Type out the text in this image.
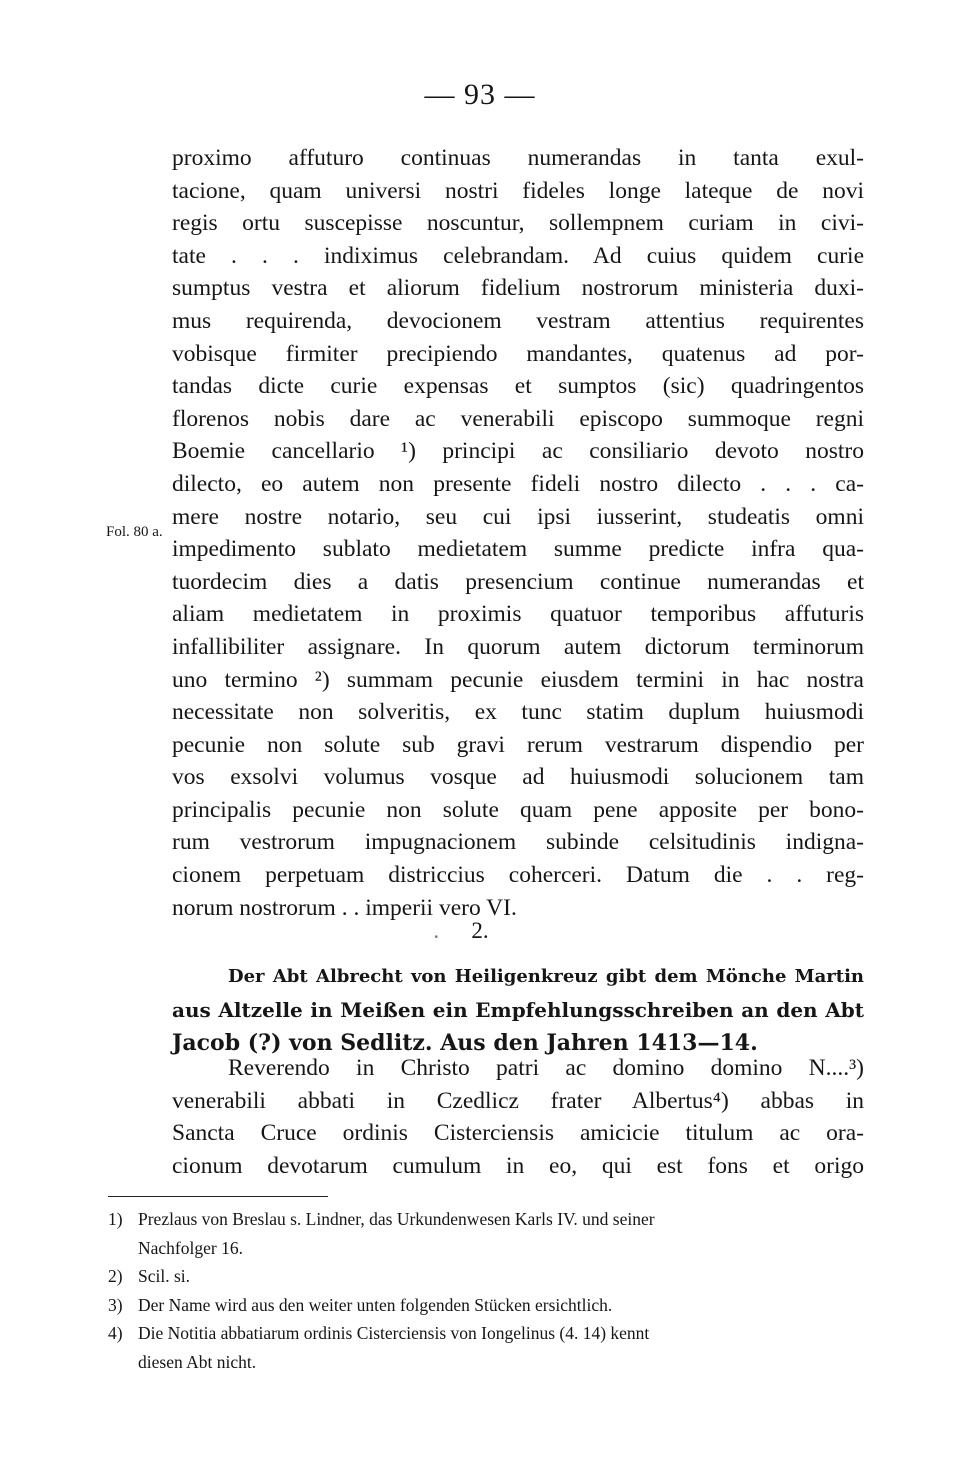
— 93 —
proximo affuturo continuas numerandas in tanta exul-
tacione, quam universi nostri fideles longe lateque de novi
regis ortu suscepisse noscuntur, sollempnem curiam in civi-
tate . . . indiximus celebrandam. Ad cuius quidem curie
sumptus vestra et aliorum fidelium nostrorum ministeria duxi-
mus requirenda, devocionem vestram attentius requirentes
vobisque firmiter precipiendo mandantes, quatenus ad por-
tandas dicte curie expensas et sumptos (sic) quadringentos
florenos nobis dare ac venerabili episcopo summoque regni
Boemie cancellario ¹) principi ac consiliario devoto nostro
dilecto, eo autem non presente fideli nostro dilecto . . . ca-
mere nostre notario, seu cui ipsi iusserint, studeatis omni
impedimento sublato medietatem summe predicte infra qua-
tuordecim dies a datis presencium continue numerandas et
aliam medietatem in proximis quatuor temporibus affuturis
infallibiliter assignare. In quorum autem dictorum terminorum
uno termino ²) summam pecunie eiusdem termini in hac nostra
necessitate non solveritis, ex tunc statim duplum huiusmodi
pecunie non solute sub gravi rerum vestrarum dispendio per
vos exsolvi volumus vosque ad huiusmodi solucionem tam
principalis pecunie non solute quam pene apposite per bono-
rum vestrorum impugnacionem subinde celsitudinis indigna-
cionem perpetuam districcius coherceri. Datum die . . reg-
norum nostrorum . . imperii vero VI.
Fol. 80 a.
. 2.
Der Abt Albrecht von Heiligenkreuz gibt dem Mönche Martin
aus Altzelle in Meißen ein Empfehlungsschreiben an den Abt
Jacob (?) von Sedlitz. Aus den Jahren 1413—14.
Reverendo in Christo patri ac domino domino N....³)
venerabili abbati in Czedlicz frater Albertus⁴) abbas in
Sancta Cruce ordinis Cisterciensis amicicie titulum ac ora-
cionum devotarum cumulum in eo, qui est fons et origo
1) Prezlaus von Breslau s. Lindner, das Urkundenwesen Karls IV. und seiner
Nachfolger 16.
2) Scil. si.
3) Der Name wird aus den weiter unten folgenden Stücken ersichtlich.
4) Die Notitia abbatiarum ordinis Cisterciensis von Iongelinus (4. 14) kennt
diesen Abt nicht.
